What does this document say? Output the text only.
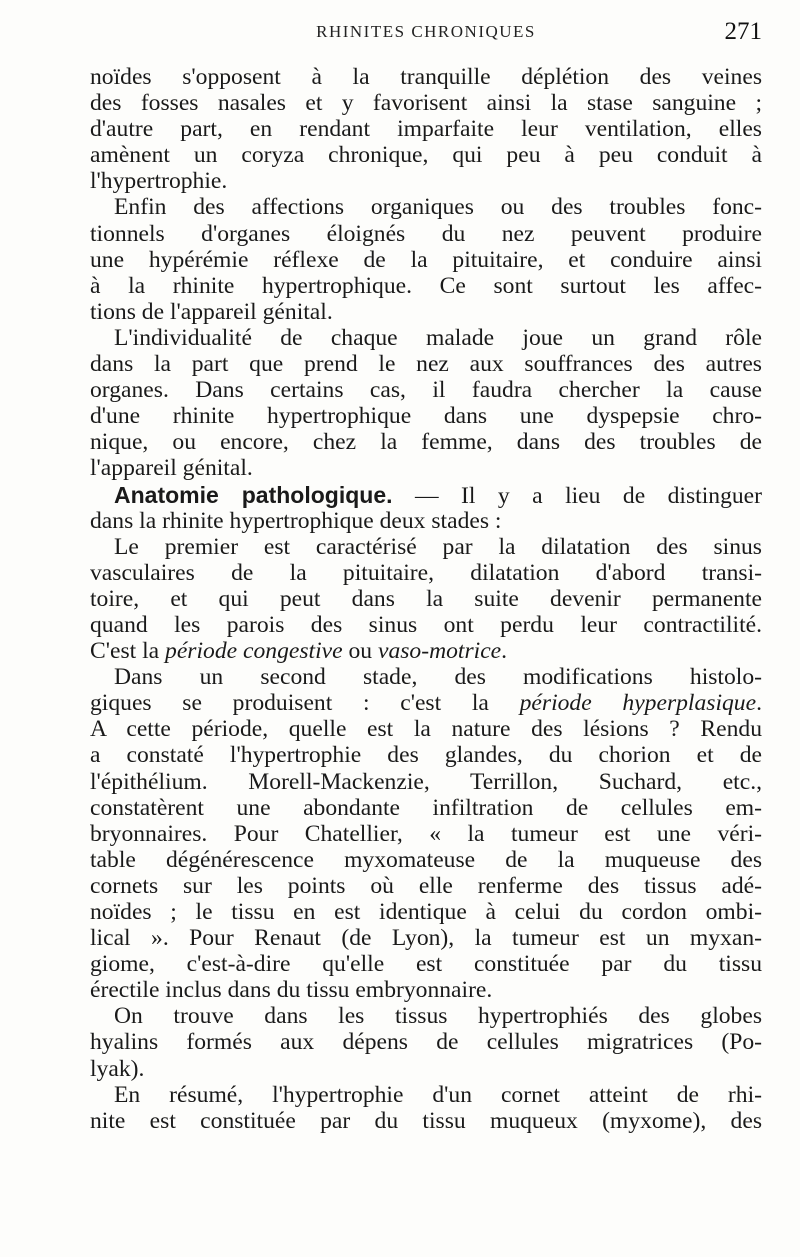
RHINITES CHRONIQUES	271
noïdes s'opposent à la tranquille déplétion des veines
des fosses nasales et y favorisent ainsi la stase sanguine ;
d'autre part, en rendant imparfaite leur ventilation, elles
amènent un coryza chronique, qui peu à peu conduit à
l'hypertrophie.
Enfin des affections organiques ou des troubles fonc-
tionnels d'organes éloignés du nez peuvent produire
une hypérémie réflexe de la pituitaire, et conduire ainsi
à la rhinite hypertrophique. Ce sont surtout les affec-
tions de l'appareil génital.
L'individualité de chaque malade joue un grand rôle
dans la part que prend le nez aux souffrances des autres
organes. Dans certains cas, il faudra chercher la cause
d'une rhinite hypertrophique dans une dyspepsie chro-
nique, ou encore, chez la femme, dans des troubles de
l'appareil génital.
Anatomie pathologique. — Il y a lieu de distinguer
dans la rhinite hypertrophique deux stades :
Le premier est caractérisé par la dilatation des sinus
vasculaires de la pituitaire, dilatation d'abord transi-
toire, et qui peut dans la suite devenir permanente
quand les parois des sinus ont perdu leur contractilité.
C'est la période congestive ou vaso-motrice.
Dans un second stade, des modifications histolo-
giques se produisent : c'est la période hyperplasique.
A cette période, quelle est la nature des lésions ? Rendu
a constaté l'hypertrophie des glandes, du chorion et de
l'épithélium. Morell-Mackenzie, Terrillon, Suchard, etc.,
constatèrent une abondante infiltration de cellules em-
bryonnaires. Pour Chatellier, « la tumeur est une véri-
table dégénérescence myxomateuse de la muqueuse des
cornets sur les points où elle renferme des tissus adé-
noïdes ; le tissu en est identique à celui du cordon ombi-
lical ». Pour Renaut (de Lyon), la tumeur est un myxan-
giome, c'est-à-dire qu'elle est constituée par du tissu
érectile inclus dans du tissu embryonnaire.
On trouve dans les tissus hypertrophiés des globes
hyalins formés aux dépens de cellules migratrices (Po-
lyak).
En résumé, l'hypertrophie d'un cornet atteint de rhi-
nite est constituée par du tissu muqueux (myxome), des
